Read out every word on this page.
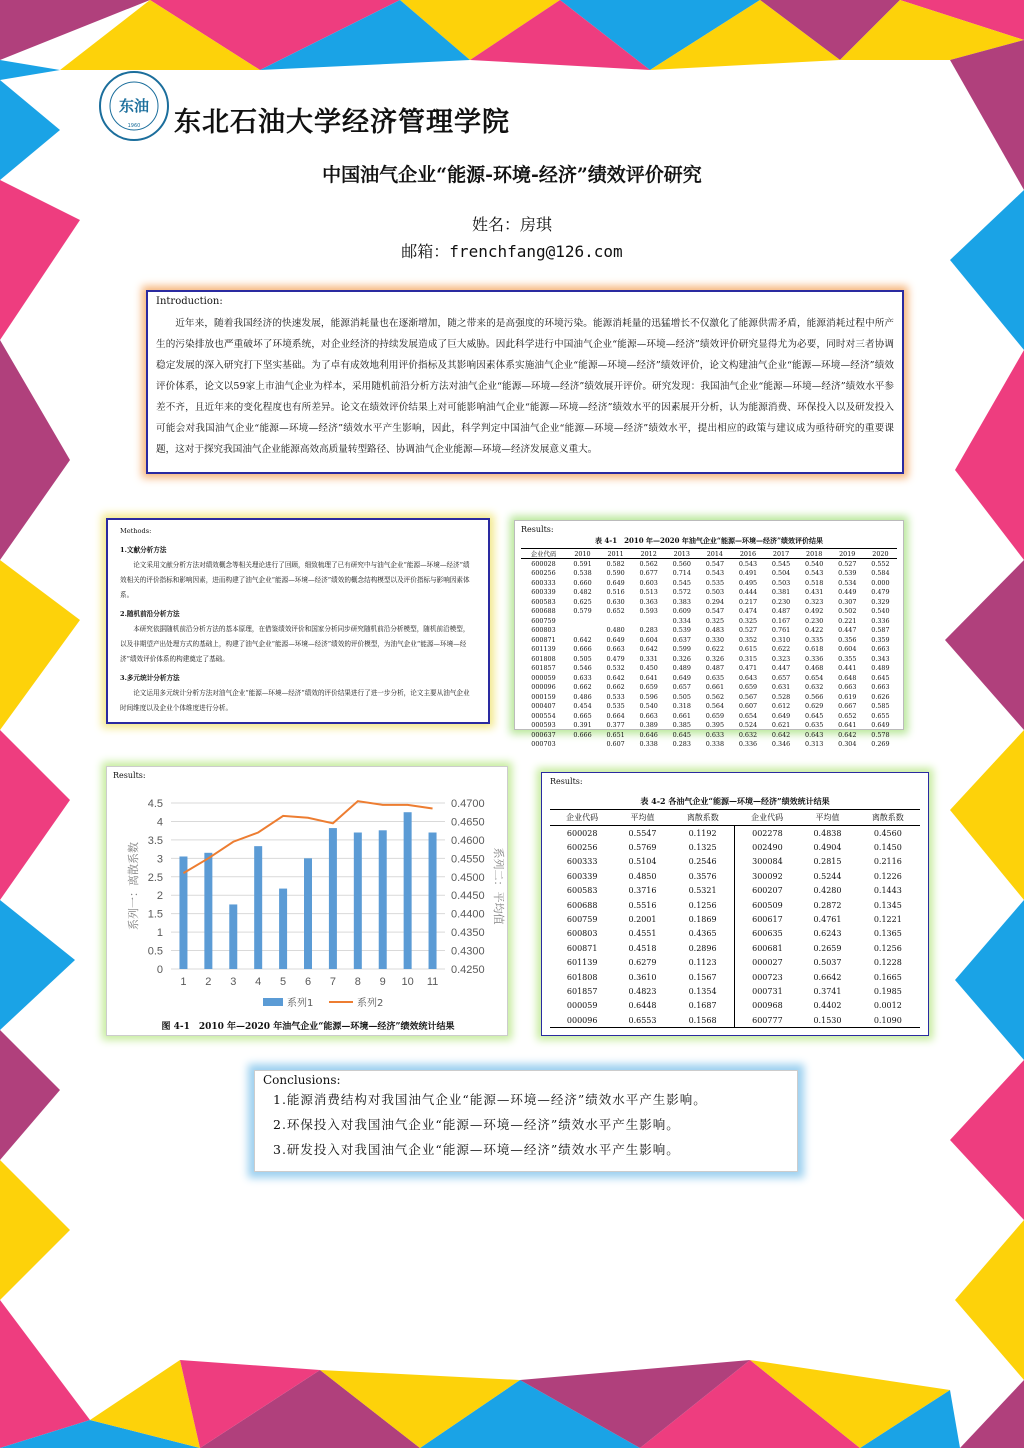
东油
1960 东北石油大学经济管理学院
中国油气企业“能源-环境-经济”绩效评价研究
姓名：房琪
邮箱：frenchfang@126.com
Introduction:

近年来，随着我国经济的快速发展，能源消耗量也在逐渐增加，随之带来的是高强度的环境污染。能源消耗量的迅猛增长不仅激化了能源供需矛盾，能源消耗过程中所产生的污染排放也严重破坏了环境系统，对企业经济的持续发展造成了巨大威胁。因此科学进行中国油气企业“能源—环境—经济”绩效评价研究显得尤为必要，同时对三者协调稳定发展的深入研究打下坚实基础。为了卓有成效地利用评价指标及其影响因素体系实施油气企业“能源—环境—经济”绩效评价，论文构建油气企业“能源—环境—经济”绩效评价体系，论文以59家上市油气企业为样本，采用随机前沿分析方法对油气企业“能源—环境—经济”绩效展开评价。研究发现：我国油气企业“能源—环境—经济”绩效水平参差不齐，且近年来的变化程度也有所差异。论文在绩效评价结果上对可能影响油气企业“能源—环境—经济”绩效水平的因素展开分析，认为能源消费、环保投入以及研发投入可能会对我国油气企业“能源—环境—经济”绩效水平产生影响，因此，科学判定中国油气企业“能源—环境—经济”绩效水平，提出相应的政策与建议成为亟待研究的重要课题，这对于探究我国油气企业能源高效高质量转型路径、协调油气企业能源—环境—经济发展意义重大。

Methods:
1.文献分析方法

论文采用文献分析方法对绩效概念等相关理论进行了回顾，细致梳理了已有研究中与油气企业“能源—环境—经济”绩效相关的评价指标和影响因素，进而构建了油气企业“能源—环境—经济”绩效的概念结构模型以及评价指标与影响因素体系。

2.随机前沿分析方法

本研究依据随机前沿分析方法的基本原理，在借鉴绩效评价和国家分析同步研究随机前沿分析模型，随机前沿模型，以及非期望产出处理方式的基础上，构建了油气企业“能源—环境—经济”绩效的评价模型，为油气企业“能源—环境—经济”绩效评价体系的构建奠定了基础。

3.多元统计分析方法

论文运用多元统计分析方法对油气企业“能源—环境—经济”绩效的评价结果进行了进一步分析，论文主要从油气企业时间维度以及企业个体维度进行分析。

Results:
表 4-1　2010 年—2020 年油气企业“能源—环境—经济”绩效评价结果
企业代码	2010	2011	2012	2013	2014	2016	2017	2018	2019	2020
600028	0.591	0.582	0.562	0.560	0.547	0.543	0.545	0.540	0.527	0.552
600256	0.538	0.590	0.677	0.714	0.543	0.491	0.504	0.543	0.539	0.584
600333	0.660	0.649	0.603	0.545	0.535	0.495	0.503	0.518	0.534	0.000
600339	0.482	0.516	0.513	0.572	0.503	0.444	0.381	0.431	0.449	0.479
600583	0.625	0.630	0.363	0.383	0.294	0.217	0.230	0.323	0.307	0.329
600688	0.579	0.652	0.593	0.609	0.547	0.474	0.487	0.492	0.502	0.540
600759				0.334	0.325	0.325	0.167	0.230	0.221	0.336
600803		0.480	0.283	0.539	0.483	0.527	0.761	0.422	0.447	0.587
600871	0.642	0.649	0.604	0.637	0.330	0.352	0.310	0.335	0.356	0.359
601139	0.666	0.663	0.642	0.599	0.622	0.615	0.622	0.618	0.604	0.663
601808	0.505	0.479	0.331	0.326	0.326	0.315	0.323	0.336	0.355	0.343
601857	0.546	0.532	0.450	0.489	0.487	0.471	0.447	0.468	0.441	0.489
000059	0.633	0.642	0.641	0.649	0.635	0.643	0.657	0.654	0.648	0.645
000096	0.662	0.662	0.659	0.657	0.661	0.659	0.631	0.632	0.663	0.663
000159	0.486	0.533	0.596	0.505	0.562	0.567	0.528	0.566	0.619	0.626
000407	0.454	0.535	0.540	0.318	0.564	0.607	0.612	0.629	0.667	0.585
000554	0.665	0.664	0.663	0.661	0.659	0.654	0.649	0.645	0.652	0.655
000593	0.391	0.377	0.389	0.385	0.395	0.524	0.621	0.635	0.641	0.649
000637	0.666	0.651	0.646	0.645	0.633	0.632	0.642	0.643	0.642	0.578
000703		0.607	0.338	0.283	0.338	0.336	0.346	0.313	0.304	0.269
0
0.5
1
1.5
2
2.5
3
3.5
4
4.5
0.4250
0.4300
0.4350
0.4400
0.4450
0.4500
0.4550
0.4600
0.4650
0.4700
1 2 3 4 5 6 7 8 9 10 11
系列一：离散系数	系列二：平均值
系列1	系列2
图 4-1　2010 年—2020 年油气企业“能源—环境—经济”绩效统计结果
Results:
Results:
表 4-2 各油气企业“能源—环境—经济”绩效统计结果
企业代码	平均值	离散系数	企业代码	平均值	离散系数
600028	0.5547	0.1192	002278	0.4838	0.4560
600256	0.5769	0.1325	002490	0.4904	0.1450
600333	0.5104	0.2546	300084	0.2815	0.2116
600339	0.4850	0.3576	300092	0.5244	0.1226
600583	0.3716	0.5321	600207	0.4280	0.1443
600688	0.5516	0.1256	600509	0.2872	0.1345
600759	0.2001	0.1869	600617	0.4761	0.1221
600803	0.4551	0.4365	600635	0.6243	0.1365
600871	0.4518	0.2896	600681	0.2659	0.1256
601139	0.6279	0.1123	000027	0.5037	0.1228
601808	0.3610	0.1567	000723	0.6642	0.1665
601857	0.4823	0.1354	000731	0.3741	0.1985
000059	0.6448	0.1687	000968	0.4402	0.0012
000096	0.6553	0.1568	600777	0.1530	0.1090
Conclusions:
1.能源消费结构对我国油气企业“能源—环境—经济”绩效水平产生影响。
2.环保投入对我国油气企业“能源—环境—经济”绩效水平产生影响。
3.研发投入对我国油气企业“能源—环境—经济”绩效水平产生影响。
